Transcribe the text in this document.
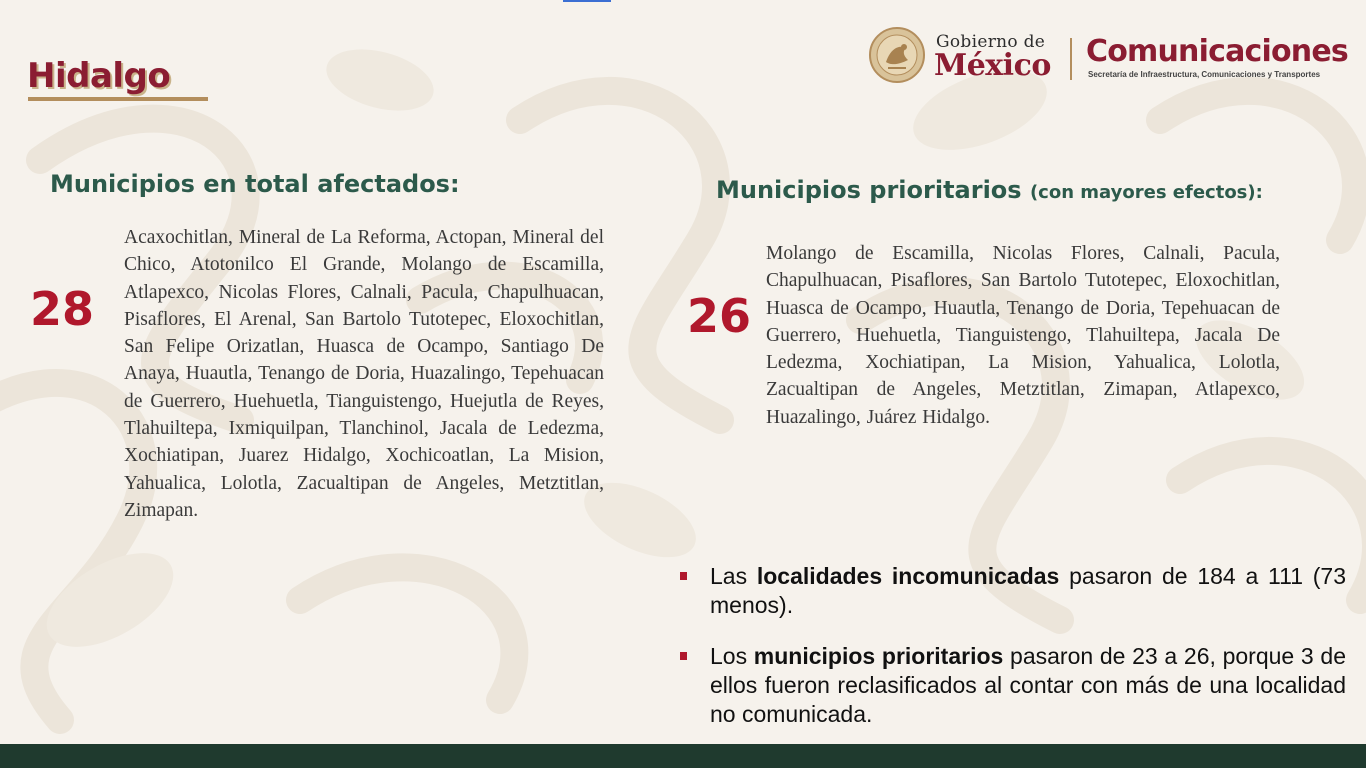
Hidalgo
Gobierno de
México Comunicaciones
Secretaría de Infraestructura, Comunicaciones y Transportes
Municipios en total afectados:
28

Acaxochitlan, Mineral de La Reforma, Actopan, Mineral del Chico, Atotonilco El Grande, Molango de Escamilla, Atlapexco, Nicolas Flores, Calnali, Pacula, Chapulhuacan, Pisaflores, El Arenal, San Bartolo Tutotepec, Eloxochitlan, San Felipe Orizatlan, Huasca de Ocampo, Santiago De Anaya, Huautla, Tenango de Doria, Huazalingo, Tepehuacan de Guerrero, Huehuetla, Tianguistengo, Huejutla de Reyes, Tlahuiltepa, Ixmiquilpan, Tlanchinol, Jacala de Ledezma, Xochiatipan, Juarez Hidalgo, Xochicoatlan, La Mision, Yahualica, Lolotla, Zacualtipan de Angeles, Metztitlan, Zimapan.

Municipios prioritarios (con mayores efectos):
26

Molango de Escamilla, Nicolas Flores, Calnali, Pacula, Chapulhuacan, Pisaflores, San Bartolo Tutotepec, Eloxochitlan, Huasca de Ocampo, Huautla, Tenango de Doria, Tepehuacan de Guerrero, Huehuetla, Tianguistengo, Tlahuiltepa, Jacala De Ledezma, Xochiatipan, La Mision, Yahualica, Lolotla, Zacualtipan de Angeles, Metztitlan, Zimapan, Atlapexco, Huazalingo, Juárez Hidalgo.

Las localidades incomunicadas pasaron de 184 a 111 (73 menos).
Los municipios prioritarios pasaron de 23 a 26, porque 3 de ellos fueron reclasificados al contar con más de una localidad no comunicada.
